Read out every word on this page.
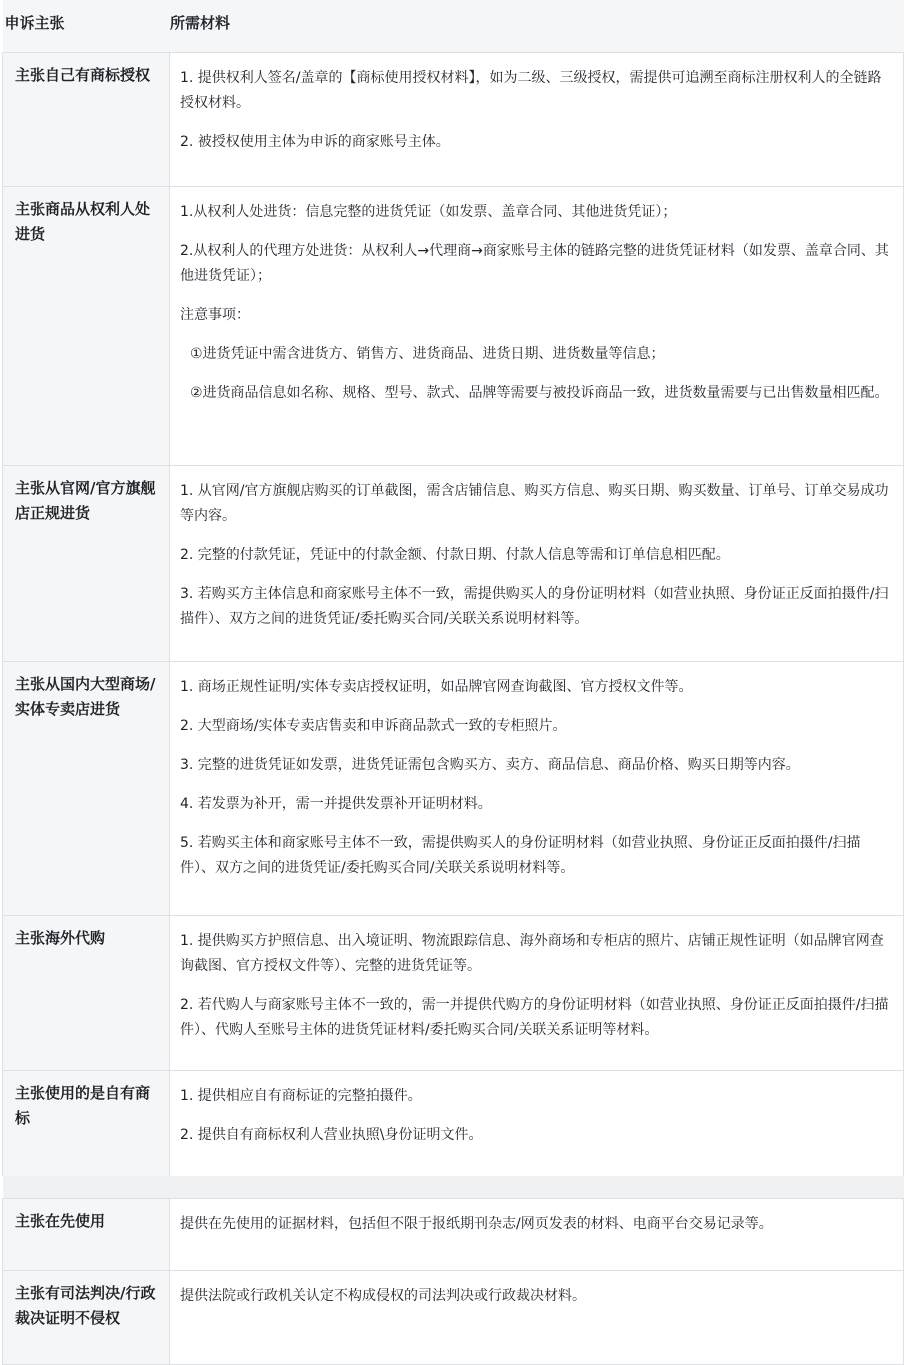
申诉主张 所需材料	

主张自己有商标授权	1. 提供权利人签名/盖章的【商标使用授权材料】，如为二级、三级授权，需提供可追溯至商标注册权利人的全链路授权材料。

2. 被授权使用主体为申诉的商家账号主体。

主张商品从权利人处进货	1.从权利人处进货：信息完整的进货凭证（如发票、盖章合同、其他进货凭证）；

2.从权利人的代理方处进货：从权利人→代理商→商家账号主体的链路完整的进货凭证材料（如发票、盖章合同、其他进货凭证）；

注意事项：

①进货凭证中需含进货方、销售方、进货商品、进货日期、进货数量等信息；

②进货商品信息如名称、规格、型号、款式、品牌等需要与被投诉商品一致，进货数量需要与已出售数量相匹配。

主张从官网/官方旗舰店正规进货	1. 从官网/官方旗舰店购买的订单截图，需含店铺信息、购买方信息、购买日期、购买数量、订单号、订单交易成功等内容。

2. 完整的付款凭证，凭证中的付款金额、付款日期、付款人信息等需和订单信息相匹配。

3. 若购买方主体信息和商家账号主体不一致，需提供购买人的身份证明材料（如营业执照、身份证正反面拍摄件/扫描件）、双方之间的进货凭证/委托购买合同/关联关系说明材料等。

主张从国内大型商场/实体专卖店进货	1. 商场正规性证明/实体专卖店授权证明，如品牌官网查询截图、官方授权文件等。

2. 大型商场/实体专卖店售卖和申诉商品款式一致的专柜照片。

3. 完整的进货凭证如发票，进货凭证需包含购买方、卖方、商品信息、商品价格、购买日期等内容。

4. 若发票为补开，需一并提供发票补开证明材料。

5. 若购买主体和商家账号主体不一致，需提供购买人的身份证明材料（如营业执照、身份证正反面拍摄件/扫描件）、双方之间的进货凭证/委托购买合同/关联关系说明材料等。

主张海外代购	1. 提供购买方护照信息、出入境证明、物流跟踪信息、海外商场和专柜店的照片、店铺正规性证明（如品牌官网查询截图、官方授权文件等）、完整的进货凭证等。

2. 若代购人与商家账号主体不一致的，需一并提供代购方的身份证明材料（如营业执照、身份证正反面拍摄件/扫描件）、代购人至账号主体的进货凭证材料/委托购买合同/关联关系证明等材料。

主张使用的是自有商标	1. 提供相应自有商标证的完整拍摄件。

2. 提供自有商标权利人营业执照\身份证明文件。

主张在先使用	提供在先使用的证据材料，包括但不限于报纸期刊杂志/网页发表的材料、电商平台交易记录等。

主张有司法判决/行政裁决证明不侵权	提供法院或行政机关认定不构成侵权的司法判决或行政裁决材料。
